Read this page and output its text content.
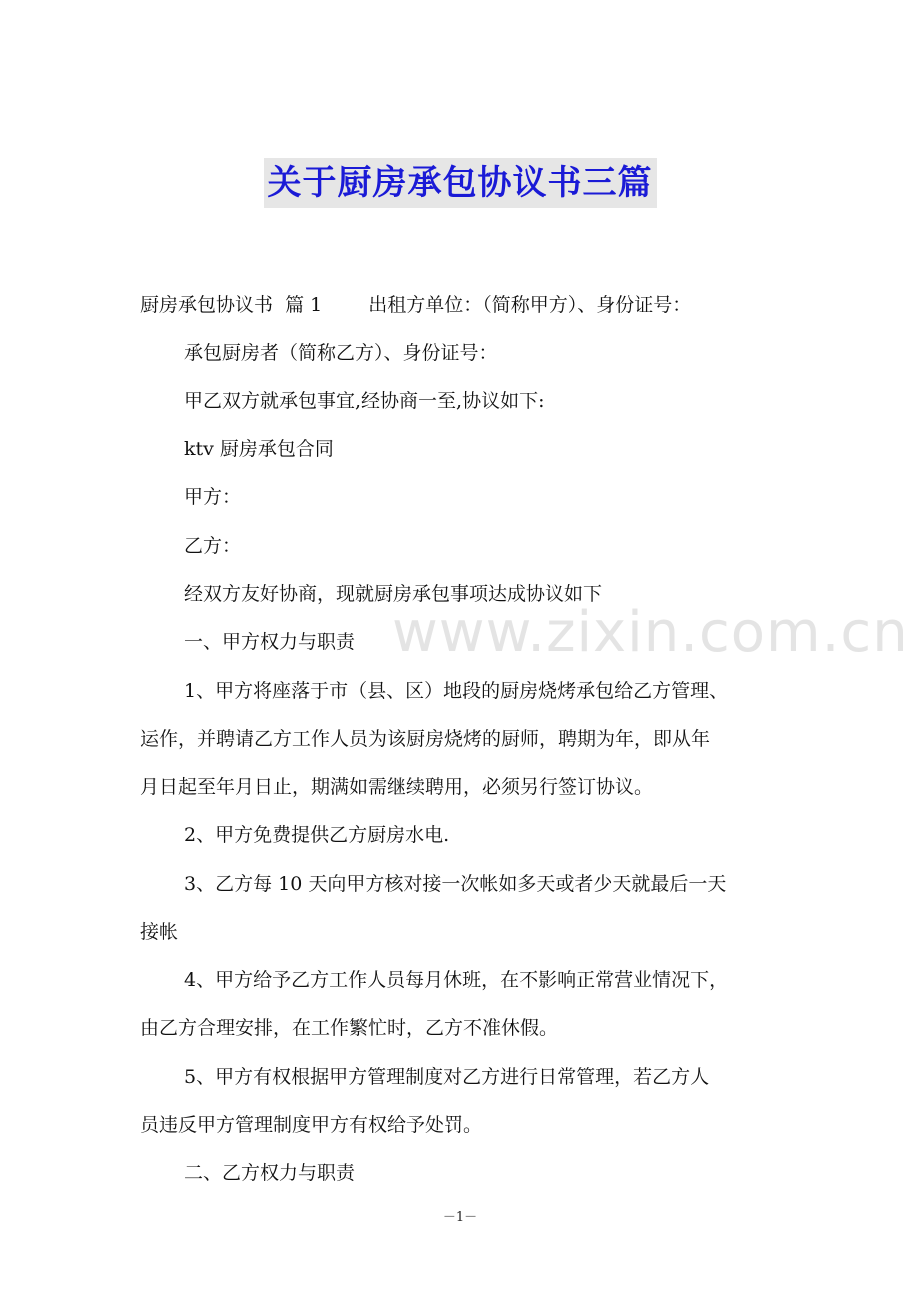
关于厨房承包协议书三篇
厨房承包协议书  篇 1 出租方单位：（简称甲方）、身份证号：
承包厨房者（简称乙方）、身份证号：
甲乙双方就承包事宜,经协商一至,协议如下:
ktv 厨房承包合同
甲方：
乙方：
经双方友好协商，现就厨房承包事项达成协议如下
一、甲方权力与职责
1、甲方将座落于市（县、区）地段的厨房烧烤承包给乙方管理、
运作，并聘请乙方工作人员为该厨房烧烤的厨师，聘期为年，即从年
月日起至年月日止，期满如需继续聘用，必须另行签订协议。
2、甲方免费提供乙方厨房水电.
3、乙方每 10 天向甲方核对接一次帐如多天或者少天就最后一天
接帐
4、甲方给予乙方工作人员每月休班，在不影响正常营业情况下，
由乙方合理安排，在工作繁忙时，乙方不准休假。
5、甲方有权根据甲方管理制度对乙方进行日常管理，若乙方人
员违反甲方管理制度甲方有权给予处罚。
二、乙方权力与职责
www.zixin.com.cn
－1－
